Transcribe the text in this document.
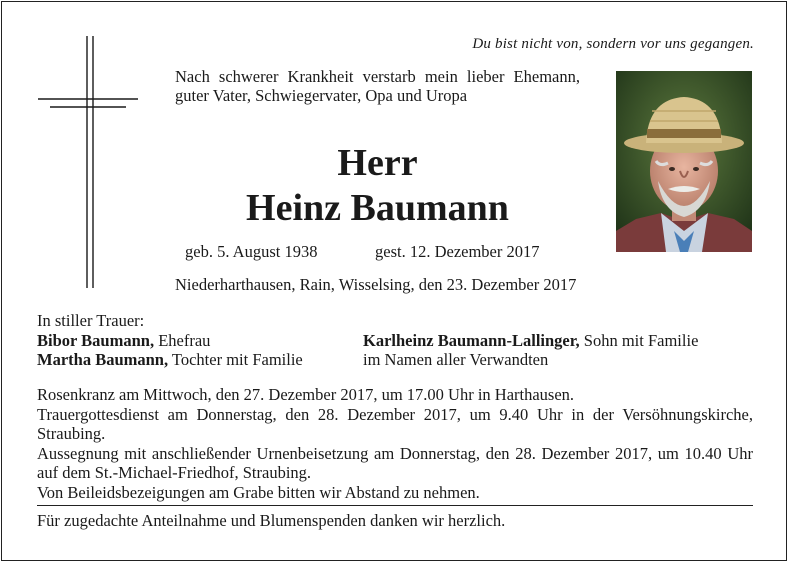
Du bist nicht von, sondern vor uns gegangen.
Nach schwerer Krankheit verstarb mein lieber Ehemann, guter Vater, Schwiegervater, Opa und Uropa
Herr
Heinz Baumann
geb. 5. August 1938	gest. 12. Dezember 2017
Niederharthausen, Rain, Wisselsing, den 23. Dezember 2017
In stiller Trauer:
Bibor Baumann, Ehefrau	Karlheinz Baumann-Lallinger, Sohn mit Familie
Martha Baumann, Tochter mit Familie	im Namen aller Verwandten

Rosenkranz am Mittwoch, den 27. Dezember 2017, um 17.00 Uhr in Harthausen.

Trauergottesdienst am Donnerstag, den 28. Dezember 2017, um 9.40 Uhr in der Versöhnungskirche, Straubing.

Aussegnung mit anschließender Urnenbeisetzung am Donnerstag, den 28. Dezember 2017, um 10.40 Uhr auf dem St.-Michael-Friedhof, Straubing.

Von Beileidsbezeigungen am Grabe bitten wir Abstand zu nehmen.

Für zugedachte Anteilnahme und Blumenspenden danken wir herzlich.
